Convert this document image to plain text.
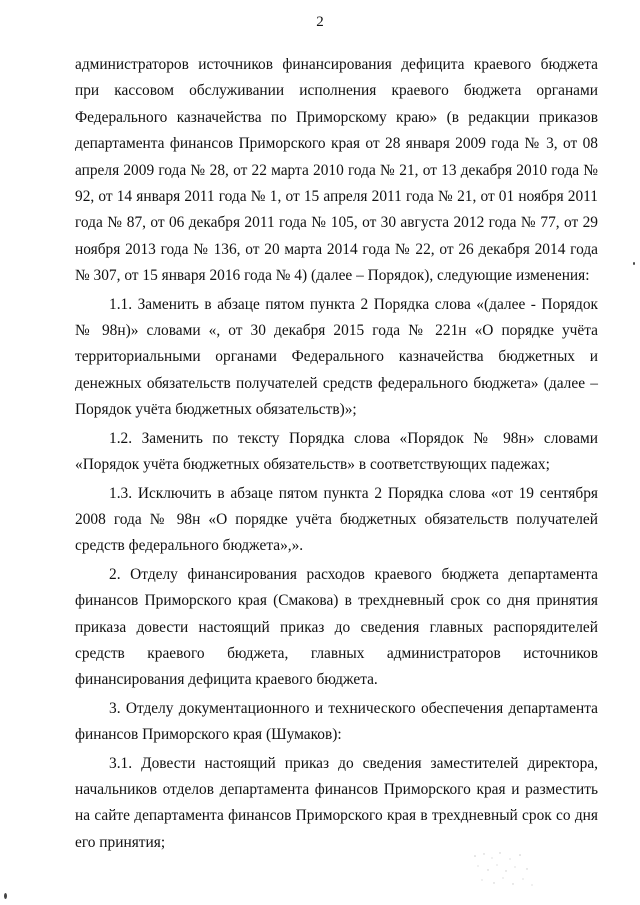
2

администраторов источников финансирования дефицита краевого бюджета при кассовом обслуживании исполнения краевого бюджета органами Федерального казначейства по Приморскому краю» (в редакции приказов департамента финансов Приморского края от 28 января 2009 года № 3, от 08 апреля 2009 года № 28, от 22 марта 2010 года № 21, от 13 декабря 2010 года № 92, от 14 января 2011 года № 1, от 15 апреля 2011 года № 21, от 01 ноября 2011 года № 87, от 06 декабря 2011 года № 105, от 30 августа 2012 года № 77, от 29 ноября 2013 года № 136, от 20 марта 2014 года № 22, от 26 декабря 2014 года № 307, от 15 января 2016 года № 4) (далее – Порядок), следующие изменения:

1.1. Заменить в абзаце пятом пункта 2 Порядка слова «(далее - Порядок № 98н)» словами «, от 30 декабря 2015 года № 221н «О порядке учёта территориальными органами Федерального казначейства бюджетных и денежных обязательств получателей средств федерального бюджета» (далее – Порядок учёта бюджетных обязательств)»;

1.2. Заменить по тексту Порядка слова «Порядок № 98н» словами «Порядок учёта бюджетных обязательств» в соответствующих падежах;

1.3. Исключить в абзаце пятом пункта 2 Порядка слова «от 19 сентября 2008 года № 98н «О порядке учёта бюджетных обязательств получателей средств федерального бюджета»,».

2. Отделу финансирования расходов краевого бюджета департамента финансов Приморского края (Смакова) в трехдневный срок со дня принятия приказа довести настоящий приказ до сведения главных распорядителей средств краевого бюджета, главных администраторов источников финансирования дефицита краевого бюджета.

3. Отделу документационного и технического обеспечения департамента финансов Приморского края (Шумаков):

3.1. Довести настоящий приказ до сведения заместителей директора, начальников отделов департамента финансов Приморского края и разместить на сайте департамента финансов Приморского края в трехдневный срок со дня его принятия;
